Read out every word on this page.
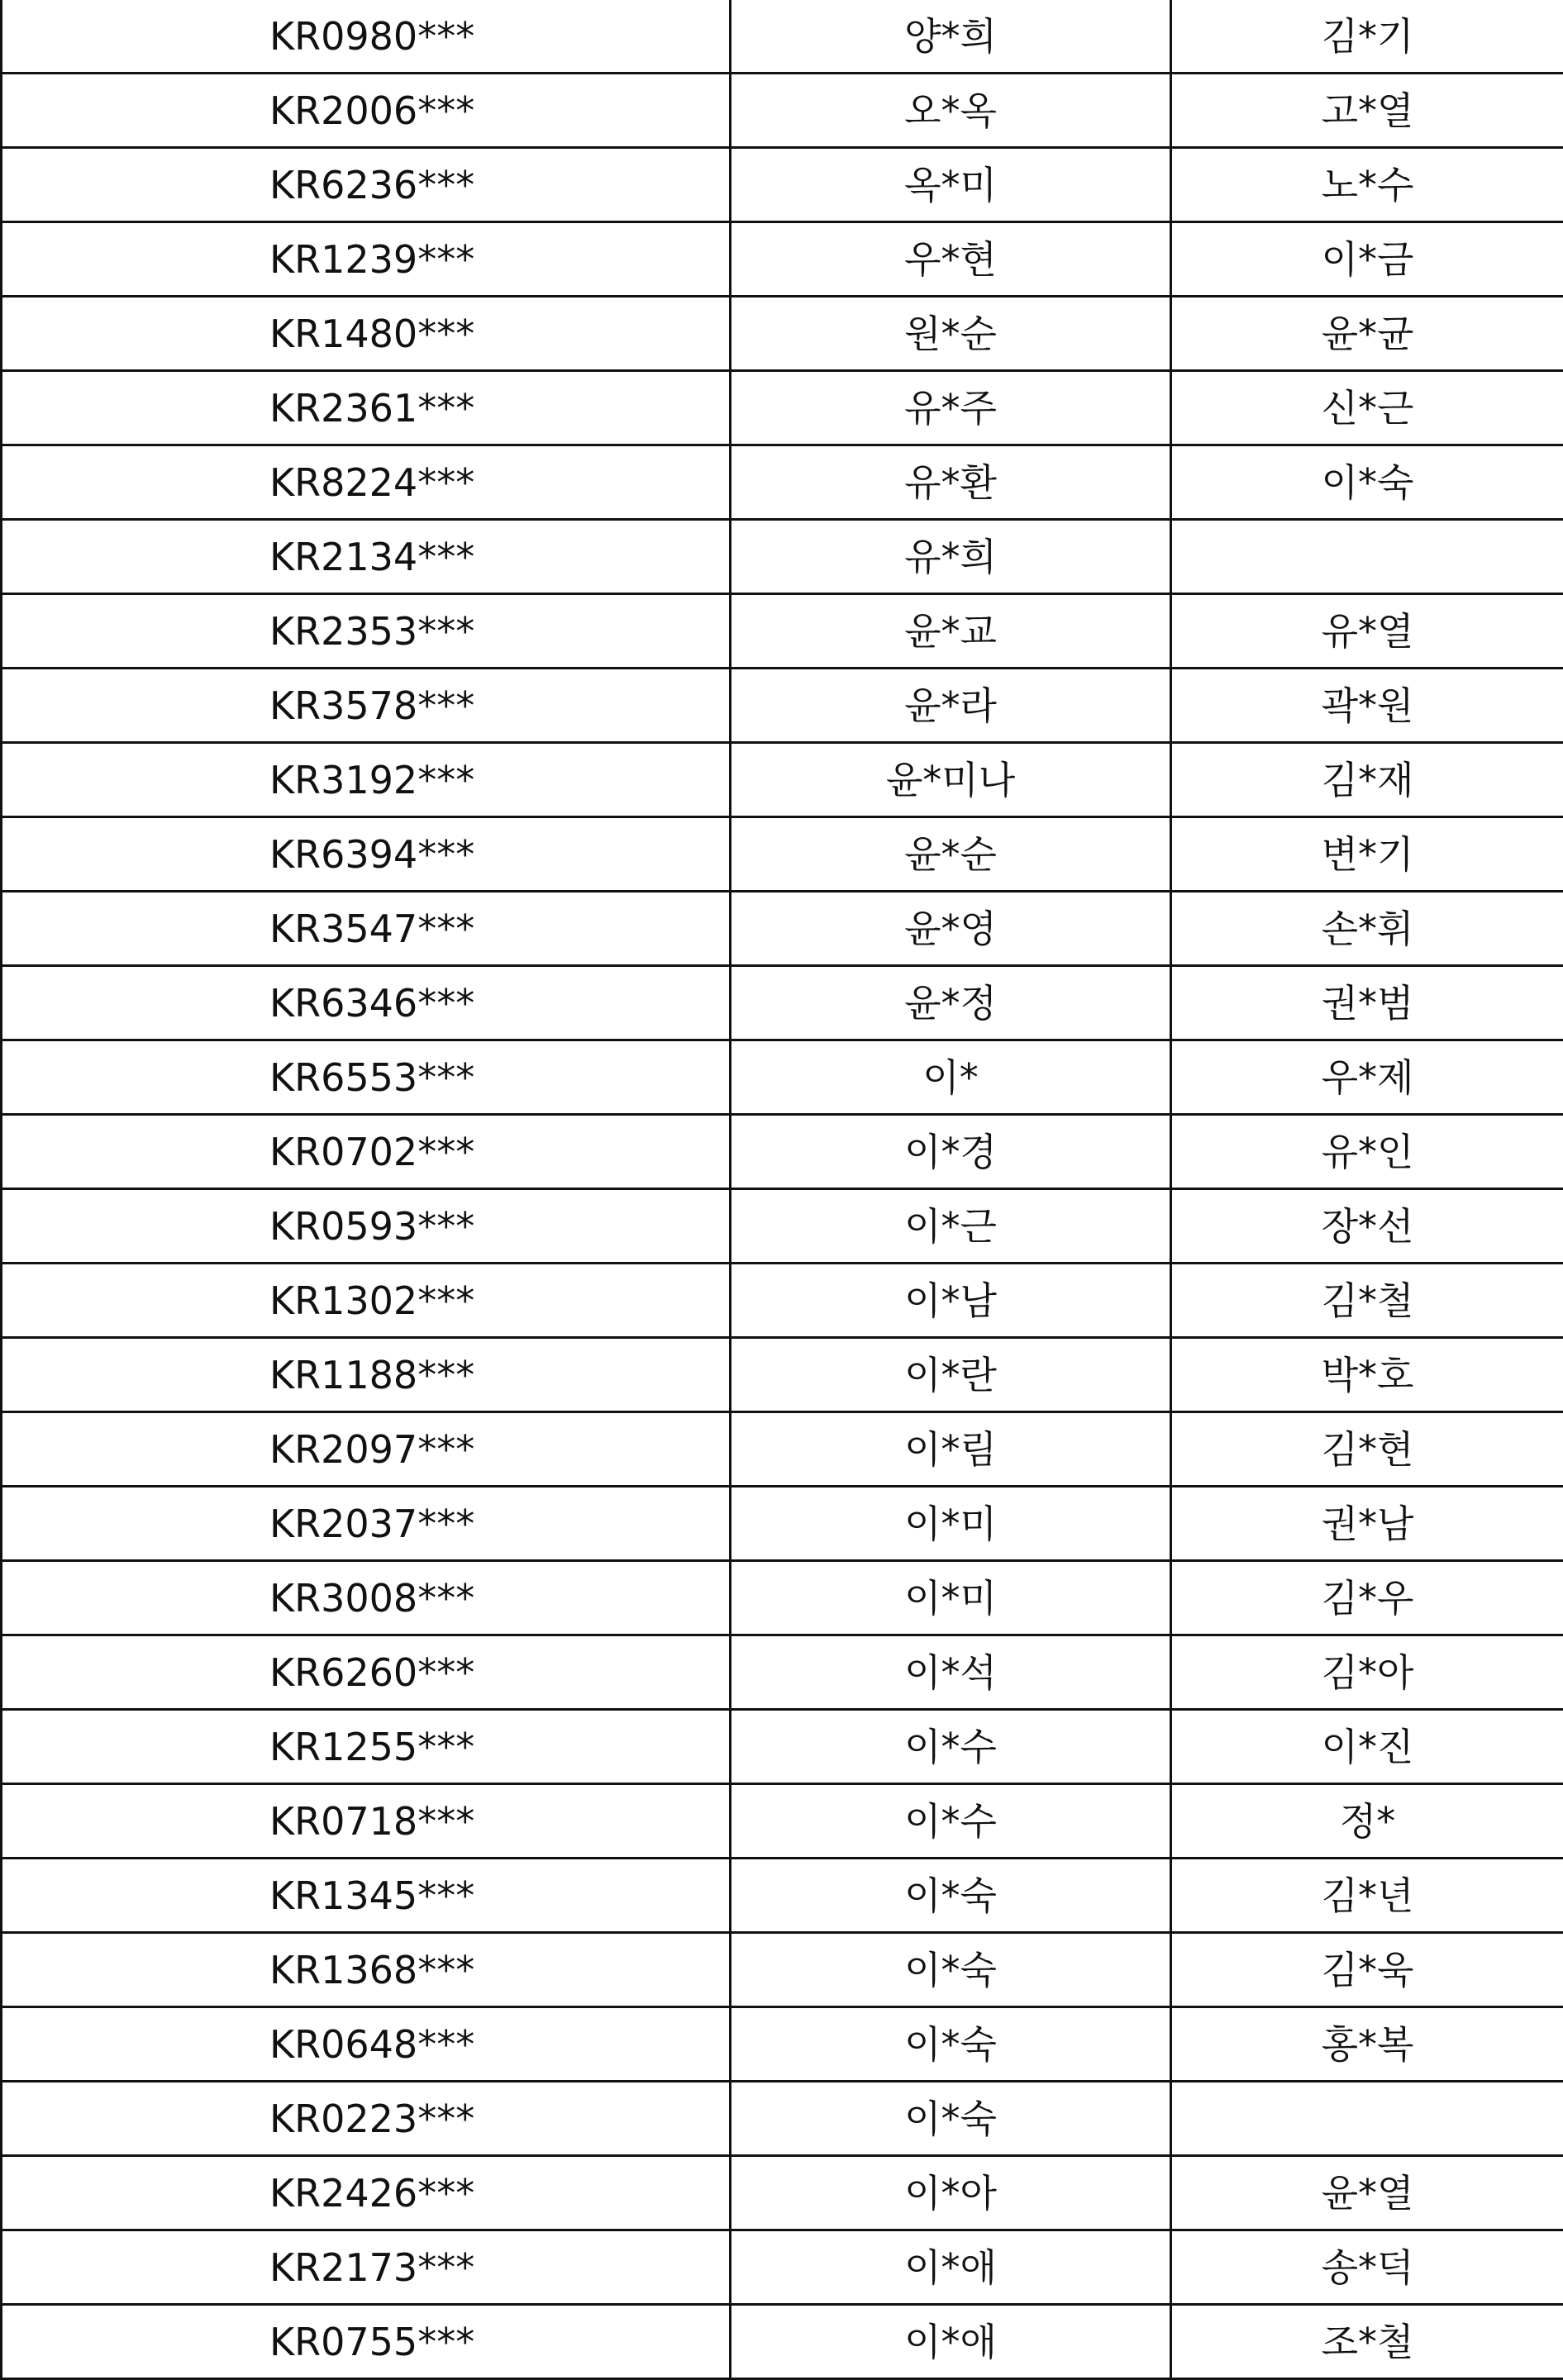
KR0980***	양*희	김*기
KR2006***	오*옥	고*열
KR6236***	옥*미	노*수
KR1239***	우*현	이*금
KR1480***	원*순	윤*균
KR2361***	유*주	신*근
KR8224***	유*환	이*숙
KR2134***	유*희	
KR2353***	윤*교	유*열
KR3578***	윤*라	곽*원
KR3192***	윤*미나	김*재
KR6394***	윤*순	변*기
KR3547***	윤*영	손*휘
KR6346***	윤*정	권*범
KR6553***	이*	우*제
KR0702***	이*경	유*인
KR0593***	이*근	장*선
KR1302***	이*남	김*철
KR1188***	이*란	박*호
KR2097***	이*림	김*현
KR2037***	이*미	권*남
KR3008***	이*미	김*우
KR6260***	이*석	김*아
KR1255***	이*수	이*진
KR0718***	이*수	정*
KR1345***	이*숙	김*년
KR1368***	이*숙	김*욱
KR0648***	이*숙	홍*복
KR0223***	이*숙	
KR2426***	이*아	윤*열
KR2173***	이*애	송*덕
KR0755***	이*애	조*철
